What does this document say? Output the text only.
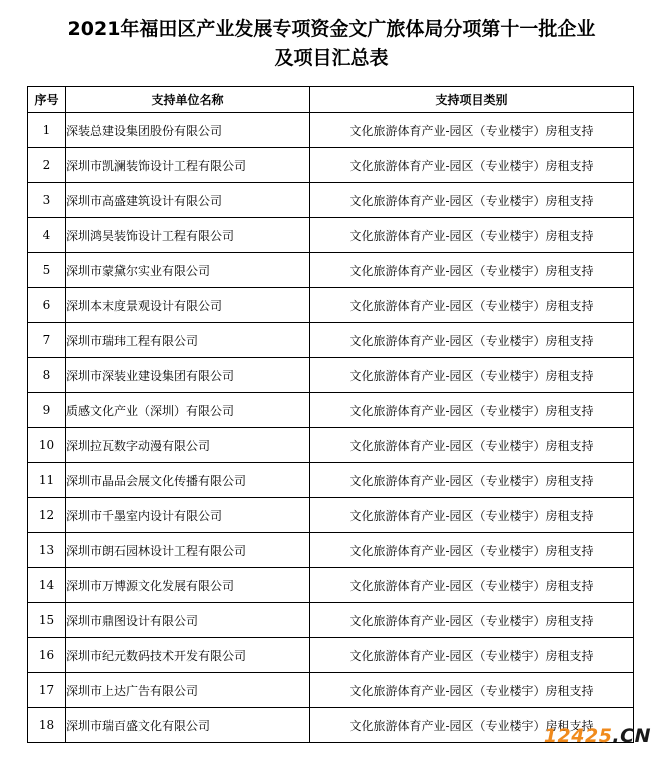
2021年福田区产业发展专项资金文广旅体局分项第十一批企业
及项目汇总表
序号	支持单位名称	支持项目类别
1	深装总建设集团股份有限公司	文化旅游体育产业-园区（专业楼宇）房租支持
2	深圳市凯澜装饰设计工程有限公司	文化旅游体育产业-园区（专业楼宇）房租支持
3	深圳市高盛建筑设计有限公司	文化旅游体育产业-园区（专业楼宇）房租支持
4	深圳鸿昊装饰设计工程有限公司	文化旅游体育产业-园区（专业楼宇）房租支持
5	深圳市蒙黛尔实业有限公司	文化旅游体育产业-园区（专业楼宇）房租支持
6	深圳本末度景观设计有限公司	文化旅游体育产业-园区（专业楼宇）房租支持
7	深圳市瑞玮工程有限公司	文化旅游体育产业-园区（专业楼宇）房租支持
8	深圳市深装业建设集团有限公司	文化旅游体育产业-园区（专业楼宇）房租支持
9	质感文化产业（深圳）有限公司	文化旅游体育产业-园区（专业楼宇）房租支持
10	深圳拉瓦数字动漫有限公司	文化旅游体育产业-园区（专业楼宇）房租支持
11	深圳市晶品会展文化传播有限公司	文化旅游体育产业-园区（专业楼宇）房租支持
12	深圳市千墨室内设计有限公司	文化旅游体育产业-园区（专业楼宇）房租支持
13	深圳市朗石园林设计工程有限公司	文化旅游体育产业-园区（专业楼宇）房租支持
14	深圳市万博源文化发展有限公司	文化旅游体育产业-园区（专业楼宇）房租支持
15	深圳市鼎图设计有限公司	文化旅游体育产业-园区（专业楼宇）房租支持
16	深圳市纪元数码技术开发有限公司	文化旅游体育产业-园区（专业楼宇）房租支持
17	深圳市上达广告有限公司	文化旅游体育产业-园区（专业楼宇）房租支持
18	深圳市瑞百盛文化有限公司	文化旅游体育产业-园区（专业楼宇）房租支持
12425.CN
